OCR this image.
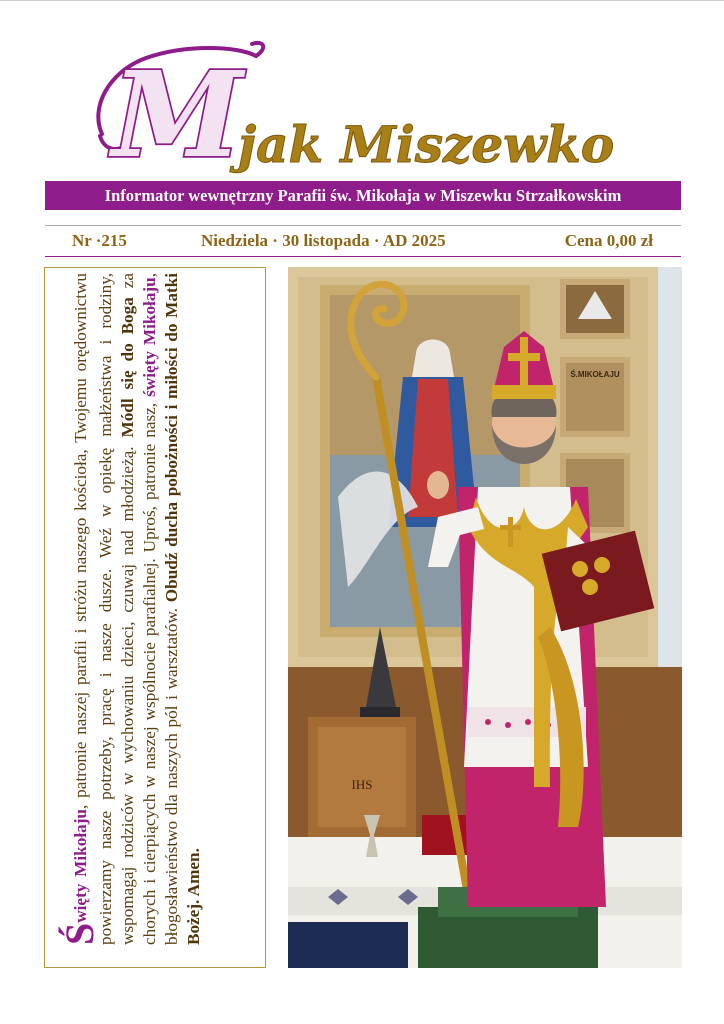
M
jak Miszewko
Informator wewnętrzny Parafii św. Mikołaja w Miszewku Strzałkowskim
Nr ·215	Niedziela · 30 listopada · AD 2025	Cena 0,00 zł

Święty Mikołaju, patronie naszej parafii i stróżu naszego kościoła, Twojemu orędownictwu powierzamy nasze potrzeby, pracę i nasze dusze. Weź w opiekę małżeństwa i rodziny, wspomagaj rodziców w wychowaniu dzieci, czuwaj nad młodzieżą. Módl się do Boga za chorych i cierpiących w naszej wspólnocie parafialnej. Uproś, patronie nasz, święty Mikołaju, błogosławieństwo dla naszych pól i warsztatów. Obudź ducha pobożności i miłości do Matki Bożej. Amen.

Ś.MIKOŁAJU
IHS
